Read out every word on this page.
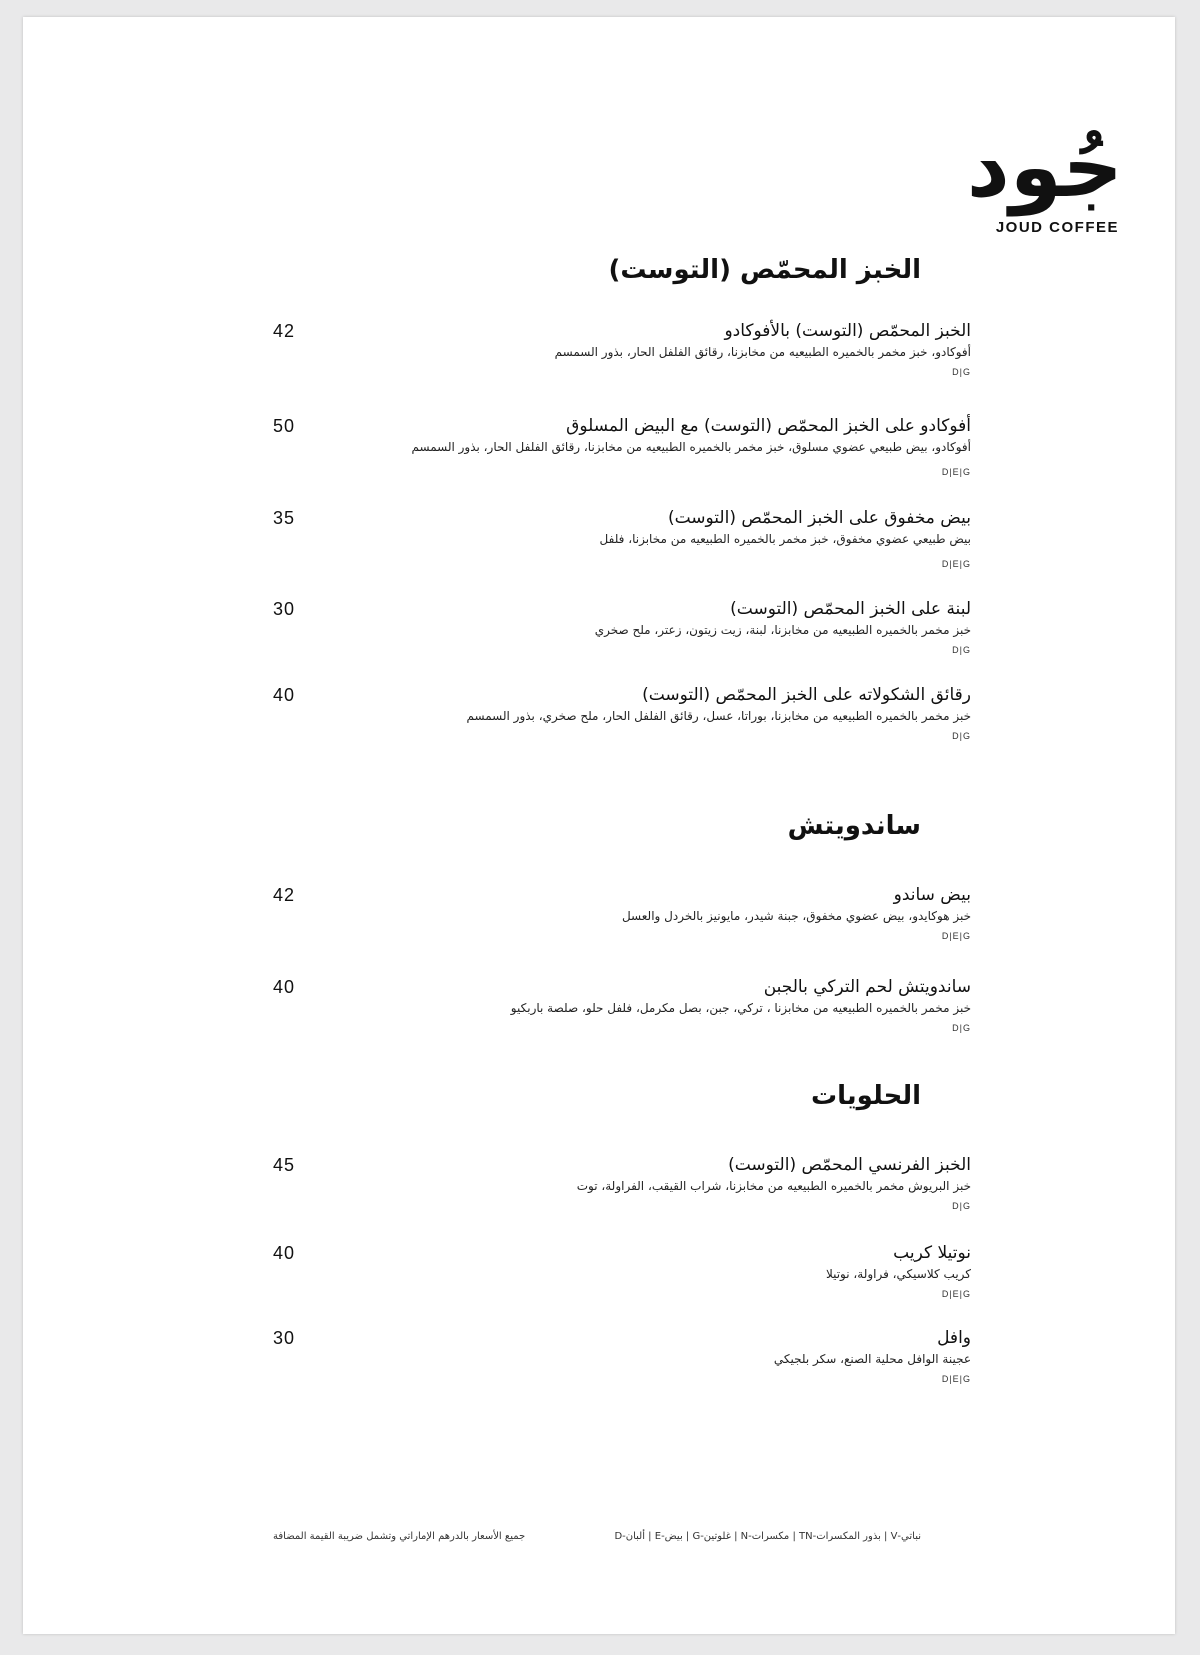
جُود
JOUD COFFEE
الخبز المحمّص (التوست)
42	الخبز المحمّص (التوست) بالأفوكادو
أفوكادو، خبز مخمر بالخميره الطبيعيه من مخابزنا، رقائق الفلفل الحار، بذور السمسم
D|G
50	أفوكادو على الخبز المحمّص (التوست) مع البيض المسلوق
أفوكادو، بيض طبيعي عضوي مسلوق، خبز مخمر بالخميره الطبيعيه من مخابزنا، رقائق الفلفل الحار، بذور السمسم
D|E|G
35	بيض مخفوق على الخبز المحمّص (التوست)
بيض طبيعي عضوي مخفوق، خبز مخمر بالخميره الطبيعيه من مخابزنا، فلفل
D|E|G
30	لبنة على الخبز المحمّص (التوست)
خبز مخمر بالخميره الطبيعيه من مخابزنا، لبنة، زيت زيتون، زعتر، ملح صخري
D|G
40	رقائق الشكولاته على الخبز المحمّص (التوست)
خبز مخمر بالخميره الطبيعيه من مخابزنا، بوراتا، عسل، رقائق الفلفل الحار، ملح صخري، بذور السمسم
D|G
ساندويتش
42	بيض ساندو
خبز هوكايدو، بيض عضوي مخفوق، جبنة شيدر، مايونيز بالخردل والعسل
D|E|G
40	ساندويتش لحم التركي بالجبن
خبز مخمر بالخميره الطبيعيه من مخابزنا ، تركي، جبن، بصل مكرمل، فلفل حلو، صلصة باربكيو
D|G
الحلويات
45	الخبز الفرنسي المحمّص (التوست)
خبز البريوش مخمر بالخميره الطبيعيه من مخابزنا، شراب القيقب، الفراولة، توت
D|G
40	نوتيلا كريب
كريب كلاسيكي، فراولة، نوتيلا
D|E|G
30	وافل
عجينة الوافل محلية الصنع، سكر بلجيكي
D|E|G
جميع الأسعار بالدرهم الإماراتي وتشمل ضريبة القيمة المضافة	نباتي-V | بذور المكسرات-TN | مكسرات-N | غلوتين-G | بيض-E | ألبان-D
